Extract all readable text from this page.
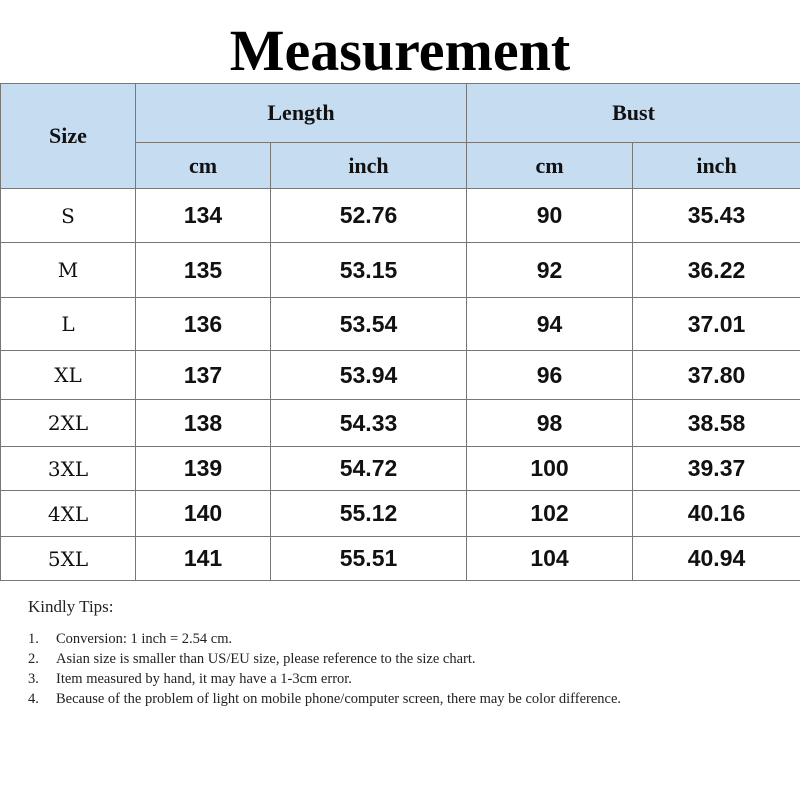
Measurement
Size	Length		Bust	
	cm	inch	cm	inch
S	134	52.76	90	35.43
M	135	53.15	92	36.22
L	136	53.54	94	37.01
XL	137	53.94	96	37.80
2XL	138	54.33	98	38.58
3XL	139	54.72	100	39.37
4XL	140	55.12	102	40.16
5XL	141	55.51	104	40.94
Kindly Tips:
1. Conversion: 1 inch = 2.54 cm.
2. Asian size is smaller than US/EU size, please reference to the size chart.
3. Item measured by hand, it may have a 1-3cm error.
4. Because of the problem of light on mobile phone/computer screen, there may be color difference.
